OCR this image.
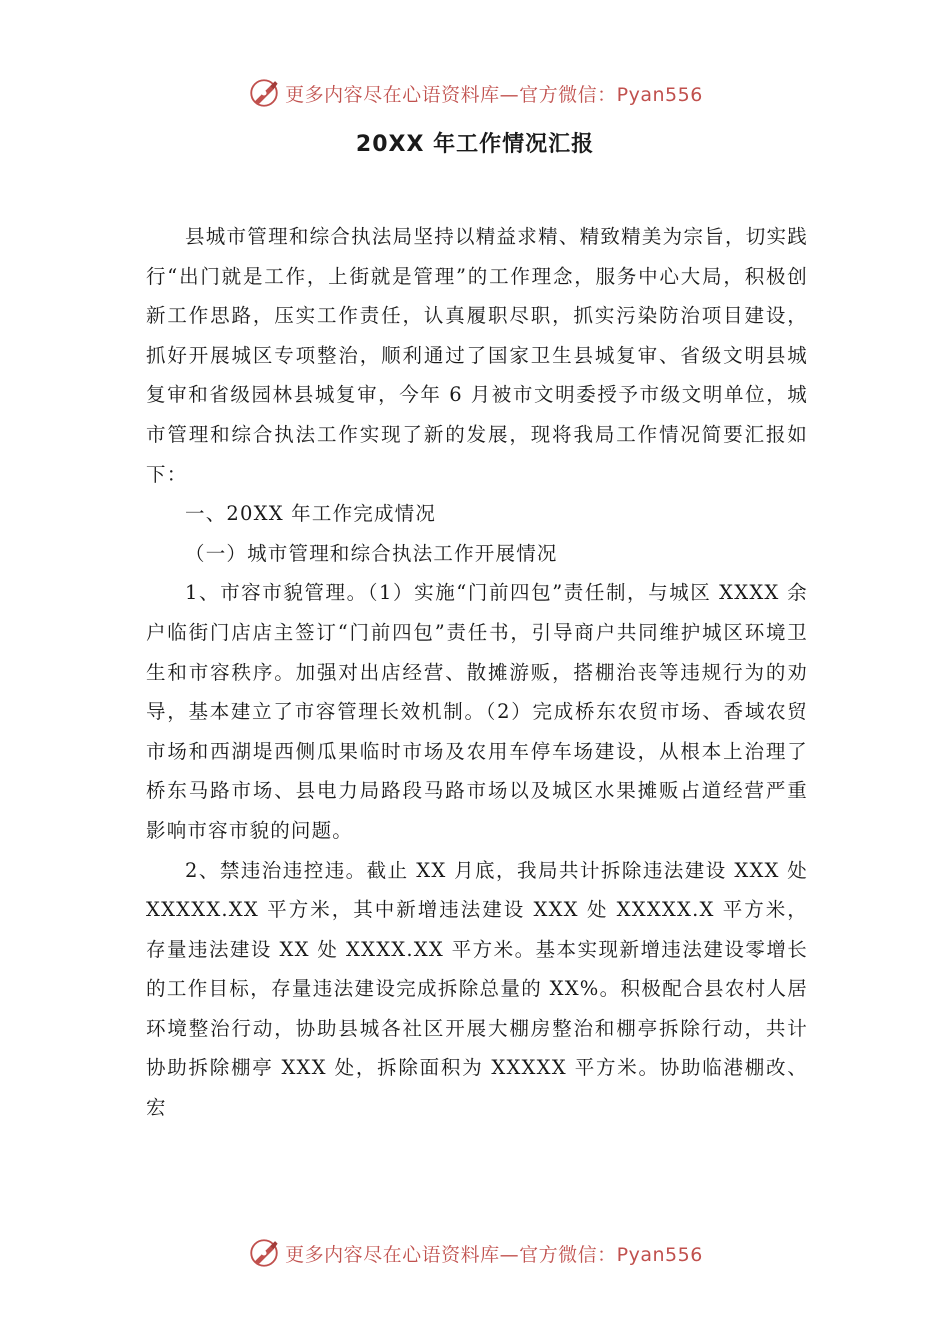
更多内容尽在心语资料库—官方微信：Pyan556
20XX 年工作情况汇报

县城市管理和综合执法局坚持以精益求精、精致精美为宗旨，切实践行“出门就是工作，上街就是管理”的工作理念，服务中心大局，积极创新工作思路，压实工作责任，认真履职尽职，抓实污染防治项目建设，抓好开展城区专项整治，顺利通过了国家卫生县城复审、省级文明县城复审和省级园林县城复审，今年 6 月被市文明委授予市级文明单位，城市管理和综合执法工作实现了新的发展，现将我局工作情况简要汇报如下：

一、20XX 年工作完成情况

（一）城市管理和综合执法工作开展情况

1、市容市貌管理。（1）实施“门前四包”责任制，与城区 XXXX 余户临街门店店主签订“门前四包”责任书，引导商户共同维护城区环境卫生和市容秩序。加强对出店经营、散摊游贩，搭棚治丧等违规行为的劝导，基本建立了市容管理长效机制。（2）完成桥东农贸市场、香域农贸市场和西湖堤西侧瓜果临时市场及农用车停车场建设，从根本上治理了桥东马路市场、县电力局路段马路市场以及城区水果摊贩占道经营严重影响市容市貌的问题。

2、禁违治违控违。截止 XX 月底，我局共计拆除违法建设 XXX 处 XXXXX.XX 平方米，其中新增违法建设 XXX 处 XXXXX.X 平方米，存量违法建设 XX 处 XXXX.XX 平方米。基本实现新增违法建设零增长的工作目标，存量违法建设完成拆除总量的 XX%。积极配合县农村人居环境整治行动，协助县城各社区开展大棚房整治和棚亭拆除行动，共计协助拆除棚亭 XXX 处，拆除面积为 XXXXX 平方米。协助临港棚改、宏

更多内容尽在心语资料库—官方微信：Pyan556
